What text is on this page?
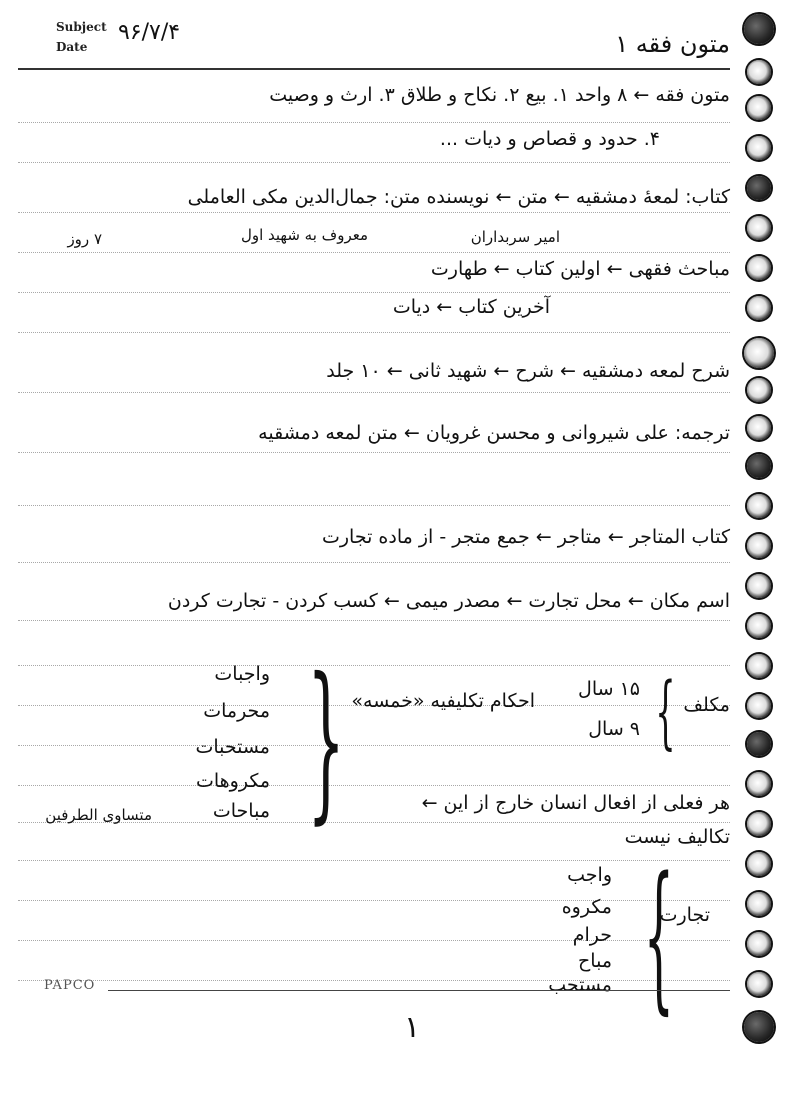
Subject
Date
۹۶/۷/۴	متون فقه ۱
متون فقه ← ۸ واحد ۱. بیع ۲. نکاح و طلاق ۳. ارث و وصیت
۴. حدود و قصاص و دیات ...
کتاب: لمعهٔ دمشقیه ← متن ← نویسنده متن: جمال‌الدین مکی العاملی
معروف به شهید اول	امیر سربداران
۷ روز
مباحث فقهی ← اولین کتاب ← طهارت
آخرین کتاب ← دیات
شرح لمعه دمشقیه ← شرح ← شهید ثانی ← ۱۰ جلد
ترجمه: علی شیروانی و محسن غرویان ← متن لمعه دمشقیه
کتاب المتاجر ← متاجر ← جمع متجر - از ماده تجارت
اسم مکان ← محل تجارت ← مصدر میمی ← کسب کردن - تجارت کردن
واجبات
محرمات
مستحبات
مکروهات
مباحات
متساوی الطرفین } احکام تکلیفیه «خمسه»
۱۵ سال
۹ سال { مکلف
هر فعلی از افعال انسان خارج از این ←
تکالیف نیست
واجب
مکروه
حرام
مباح
مستحب {
تجارت
PAPCO
۱
